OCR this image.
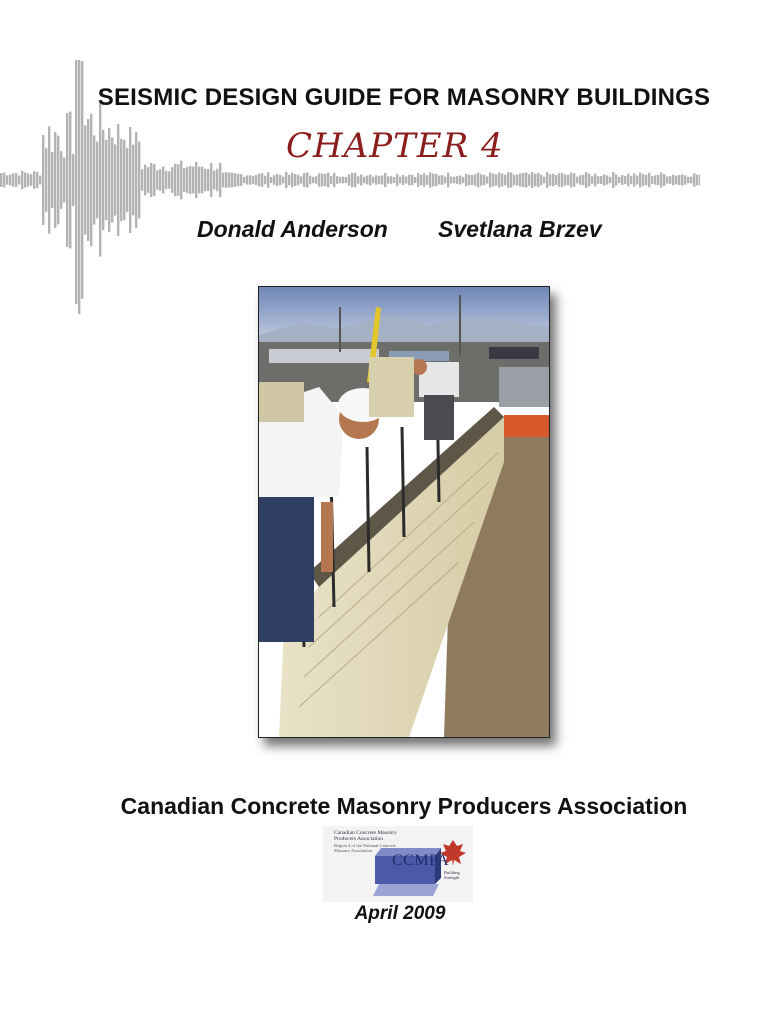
SEISMIC DESIGN GUIDE FOR MASONRY BUILDINGS
CHAPTER 4
Donald Anderson Svetlana Brzev
Canadian Concrete Masonry Producers Association
Canadian Concrete Masonry Producers Association
Region 4 of the National Concrete Masonry Association
CCMPA
Building Strength
April 2009
